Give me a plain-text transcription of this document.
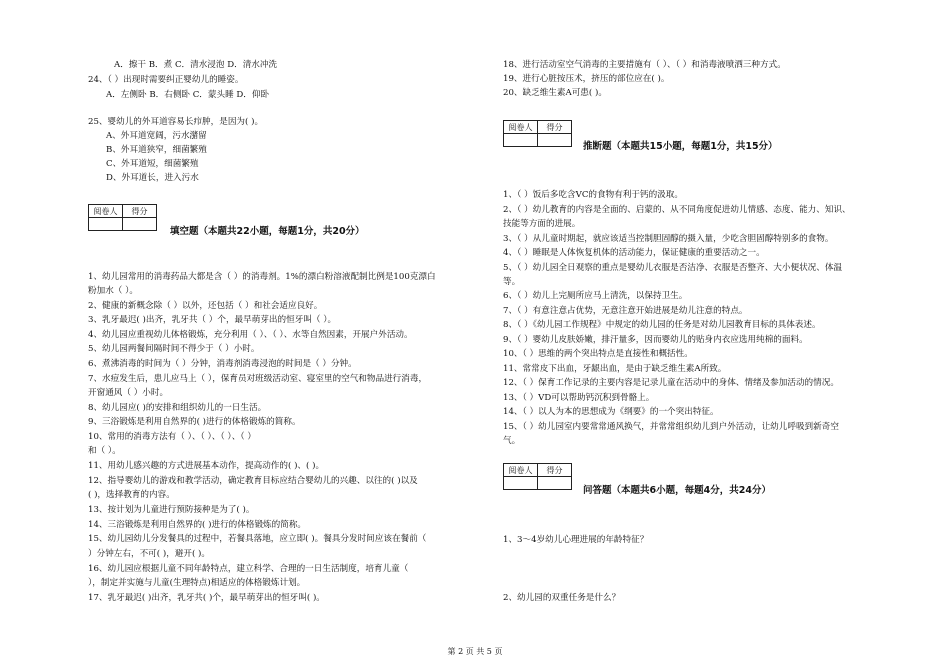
A．擦干 B．煮 C．清水浸泡 D．清水冲洗
24、（ ）出现时需要纠正婴幼儿的睡姿。
A．左侧卧 B．右侧卧 C．蒙头睡 D．仰卧
25、婴幼儿的外耳道容易长疖肿，是因为( )。
A、外耳道宽阔，污水潴留
B、外耳道狭窄，细菌繁殖
C、外耳道短，细菌繁殖
D、外耳道长，进入污水
阅卷人	得分

填空题（本题共22小题，每题1分，共20分）
1、幼儿园常用的消毒药品大都是含（ ）的消毒剂。1%的漂白粉溶液配制比例是100克漂白
粉加水（ ）。
2、健康的新概念除（ ）以外，还包括（ ）和社会适应良好。
3、乳牙最迟( )出齐，乳牙共（ ）个，最早萌芽出的恒牙叫（ ）。
4、幼儿园应重视幼儿体格锻炼，充分利用（ ）、（ ）、水等自然因素，开展户外活动。
5、幼儿园两餐间隔时间不得少于（ ）小时。
6、煮沸消毒的时间为（ ）分钟，消毒剂消毒浸泡的时间是（ ）分钟。
7、水痘发生后，患儿应马上（ ），保育员对班级活动室、寝室里的空气和物品进行消毒，
开窗通风（ ）小时。
8、幼儿园应( )的安排和组织幼儿的一日生活。
9、三浴锻炼是利用自然界的( )进行的体格锻炼的简称。
10、常用的消毒方法有（ ）、（ ）、（ ）、（ ）
和（ ）。
11、用幼儿感兴趣的方式进展基本动作，提高动作的( )、( )。
12、指导婴幼儿的游戏和教学活动，确定教育目标应结合婴幼儿的兴趣、以往的( )以及
( )，选择教育的内容。
13、按计划为儿童进行预防接种是为了( )。
14、三浴锻炼是利用自然界的( )进行的体格锻炼的简称。
15、幼儿园幼儿分发餐具的过程中，若餐具落地，应立即( )。餐具分发时间应该在餐前（
）分钟左右，不可( )，避开( )。
16、幼儿园应根据儿童不同年龄特点，建立科学、合理的一日生活制度，培育儿童（
），制定并实施与儿童(生理特点)相适应的体格锻炼计划。
17、乳牙最迟( )出齐，乳牙共( )个，最早萌芽出的恒牙叫( )。
18、进行活动室空气消毒的主要措施有（ ）、（ ）和消毒液喷洒三种方式。
19、进行心脏按压术，挤压的部位应在( )。
20、缺乏维生素A可患( )。
阅卷人	得分

推断题（本题共15小题，每题1分，共15分）
1、（ ）饭后多吃含VC的食物有利于钙的汲取。
2、（ ）幼儿教育的内容是全面的、启蒙的、从不同角度促进幼儿情感、态度、能力、知识、
技能等方面的进展。
3、（ ）从儿童时期起，就应该适当控制胆固醇的摄入量，少吃含胆固醇特别多的食物。
4、（ ）睡眠是人体恢复机体的活动能力，保证健康的重要活动之一。
5、（ ）幼儿园全日观察的重点是婴幼儿衣服是否洁净、衣服是否整齐、大小便状况、体温
等。
6、（ ）幼儿上完厕所应马上清洗，以保持卫生。
7、（ ）有意注意占优势，无意注意开始进展是幼儿注意的特点。
8、（ ）《幼儿园工作规程》中规定的幼儿园的任务是对幼儿园教育目标的具体表述。
9、（ ）婴幼儿皮肤娇嫩，排汗量多，因而婴幼儿的贴身内衣应选用纯棉的面料。
10、（ ）思维的两个突出特点是直接性和概括性。
11、常常皮下出血，牙龈出血，是由于缺乏维生素A所致。
12、（ ）保育工作记录的主要内容是记录儿童在活动中的身体、情绪及参加活动的情况。
13、（ ）VD可以帮助钙沉积到骨骼上。
14、（ ）以人为本的思想成为《纲要》的一个突出特征。
15、（ ）幼儿园室内要常常通风换气，并常常组织幼儿到户外活动，让幼儿呼吸到新奇空
气。
阅卷人	得分

问答题（本题共6小题，每题4分，共24分）
1、3～4岁幼儿心理进展的年龄特征？
2、幼儿园的双重任务是什么？
第 2 页 共 5 页
